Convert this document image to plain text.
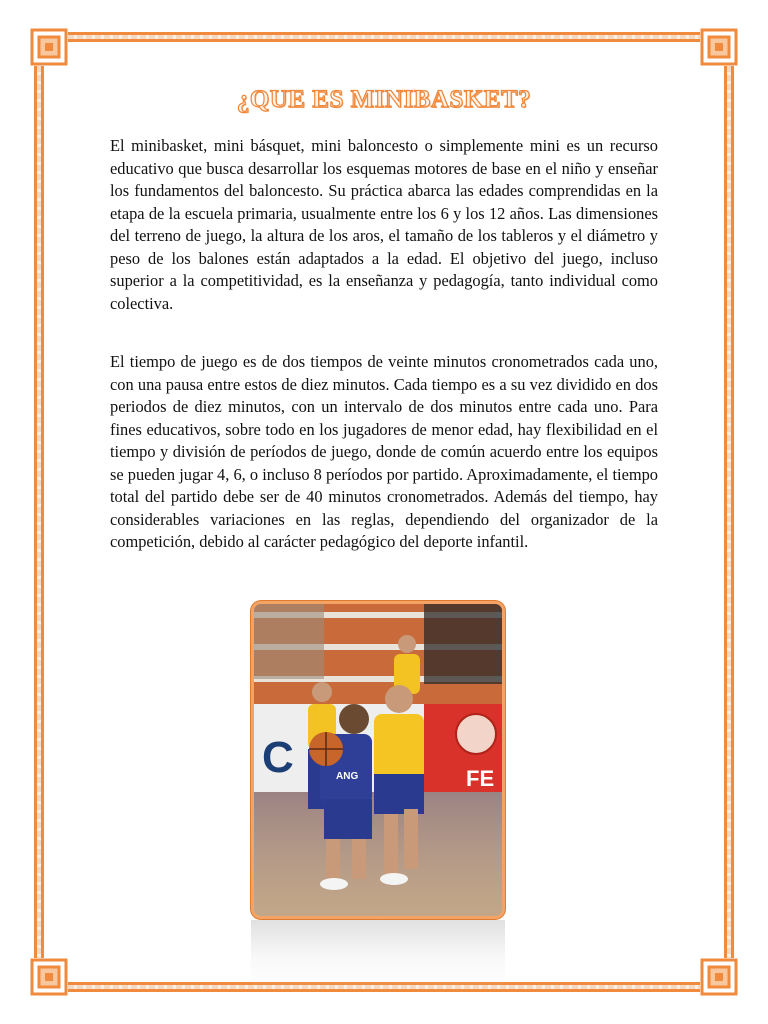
¿QUE ES MINIBASKET?

El minibasket, mini básquet, mini baloncesto o simplemente mini es un recurso educativo que busca desarrollar los esquemas motores de base en el niño y enseñar los fundamentos del baloncesto. Su práctica abarca las edades comprendidas en la etapa de la escuela primaria, usualmente entre los 6 y los 12 años. Las dimensiones del terreno de juego, la altura de los aros, el tamaño de los tableros y el diámetro y peso de los balones están adaptados a la edad. El objetivo del juego, incluso superior a la competitividad, es la enseñanza y pedagogía, tanto individual como colectiva.

El tiempo de juego es de dos tiempos de veinte minutos cronometrados cada uno, con una pausa entre estos de diez minutos. Cada tiempo es a su vez dividido en dos periodos de diez minutos, con un intervalo de dos minutos entre cada uno. Para fines educativos, sobre todo en los jugadores de menor edad, hay flexibilidad en el tiempo y división de períodos de juego, donde de común acuerdo entre los equipos se pueden jugar 4, 6, o incluso 8 períodos por partido. Aproximadamente, el tiempo total del partido debe ser de 40 minutos cronometrados. Además del tiempo, hay considerables variaciones en las reglas, dependiendo del organizador de la competición, debido al carácter pedagógico del deporte infantil.

C	FE
ANG
